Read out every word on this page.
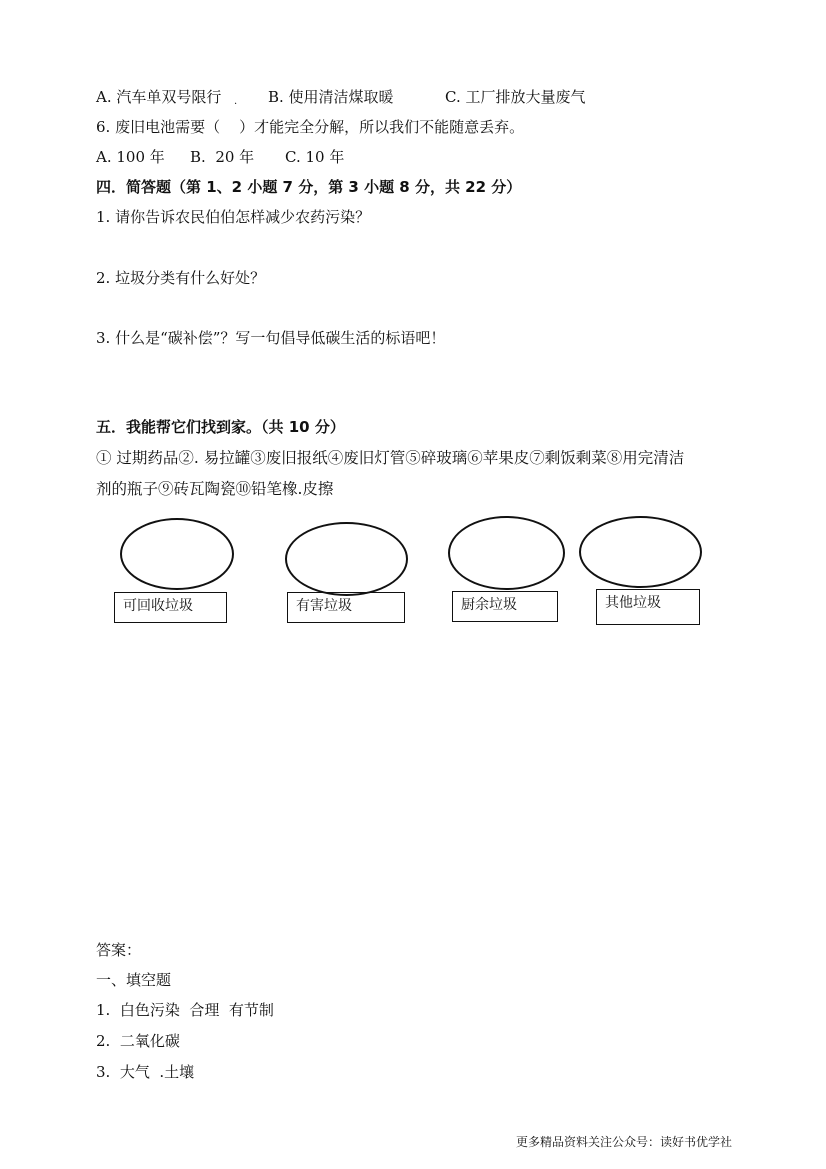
A. 汽车单双号限行 . B. 使用清洁煤取暖	C. 工厂排放大量废气
6. 废旧电池需要（    ）才能完全分解，所以我们不能随意丢弃。
A. 100 年 B.  20 年 C. 10 年
四．简答题（第 1、2 小题 7 分，第 3 小题 8 分，共 22 分）
1. 请你告诉农民伯伯怎样减少农药污染？
2. 垃圾分类有什么好处？
3. 什么是“碳补偿”？写一句倡导低碳生活的标语吧！
五．我能帮它们找到家。（共 10 分）
① 过期药品②. 易拉罐③废旧报纸④废旧灯管⑤碎玻璃⑥苹果皮⑦剩饭剩菜⑧用完清洁
剂的瓶子⑨砖瓦陶瓷⑩铅笔橡.皮擦
可回收垃圾	有害垃圾	厨余垃圾	其他垃圾
答案：
一、填空题
1.  白色污染  合理  有节制
2.  二氧化碳
3.  大气  .土壤
更多精品资料关注公众号：读好书优学社
